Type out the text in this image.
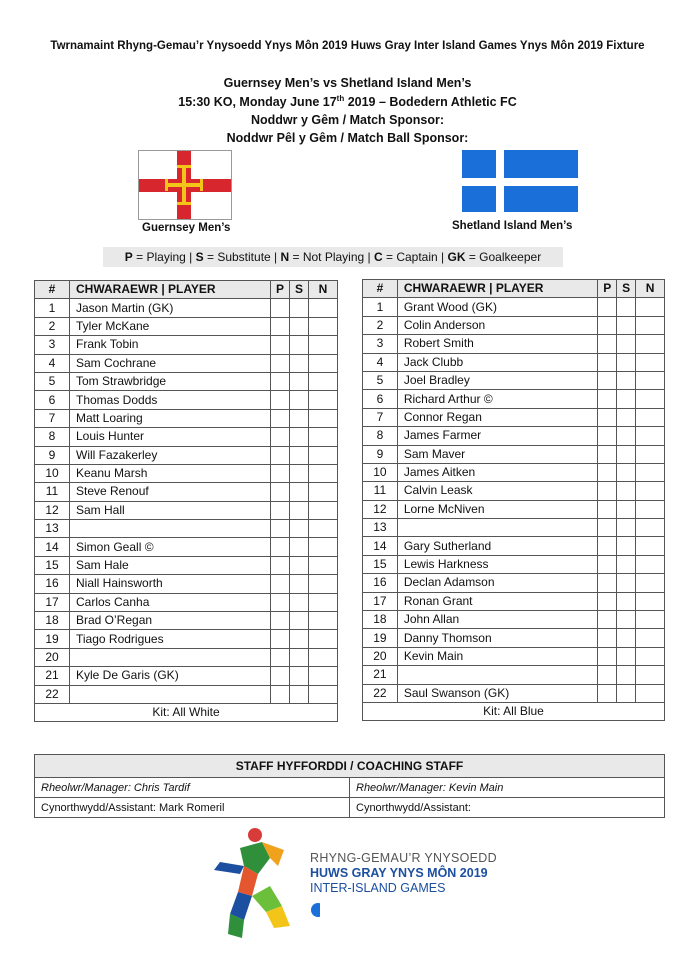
Twrnamaint Rhyng-Gemau’r Ynysoedd Ynys Môn 2019 Huws Gray Inter Island Games Ynys Môn 2019 Fixture
Guernsey Men’s vs Shetland Island Men’s
15:30 KO, Monday June 17th 2019 – Bodedern Athletic FC
Noddwr y Gêm / Match Sponsor:
Noddwr Pêl y Gêm / Match Ball Sponsor:
Guernsey Men’s	Shetland Island Men’s
P = Playing | S = Substitute | N = Not Playing | C = Captain | GK = Goalkeeper
#	CHWARAEWR | PLAYER	P	S	N
1	Jason Martin (GK)			
2	Tyler McKane			
3	Frank Tobin			
4	Sam Cochrane			
5	Tom Strawbridge			
6	Thomas Dodds			
7	Matt Loaring			
8	Louis Hunter			
9	Will Fazakerley			
10	Keanu Marsh			
11	Steve Renouf			
12	Sam Hall			
13				
14	Simon Geall ©			
15	Sam Hale			
16	Niall Hainsworth			
17	Carlos Canha			
18	Brad O’Regan			
19	Tiago Rodrigues			
20				
21	Kyle De Garis (GK)			
22				
Kit: All White				
#	CHWARAEWR | PLAYER	P	S	N
1	Grant Wood (GK)			
2	Colin Anderson			
3	Robert Smith			
4	Jack Clubb			
5	Joel Bradley			
6	Richard Arthur ©			
7	Connor Regan			
8	James Farmer			
9	Sam Maver			
10	James Aitken			
11	Calvin Leask			
12	Lorne McNiven			
13				
14	Gary Sutherland			
15	Lewis Harkness			
16	Declan Adamson			
17	Ronan Grant			
18	John Allan			
19	Danny Thomson			
20	Kevin Main			
21				
22	Saul Swanson (GK)			
Kit: All Blue				
STAFF HYFFORDDI / COACHING STAFF	
Rheolwr/Manager: Chris Tardif	Rheolwr/Manager: Kevin Main
Cynorthwydd/Assistant: Mark Romeril	Cynorthwydd/Assistant:
RHYNG-GEMAU’R YNYSOEDD
HUWS GRAY YNYS MÔN 2019
INTER-ISLAND GAMES
